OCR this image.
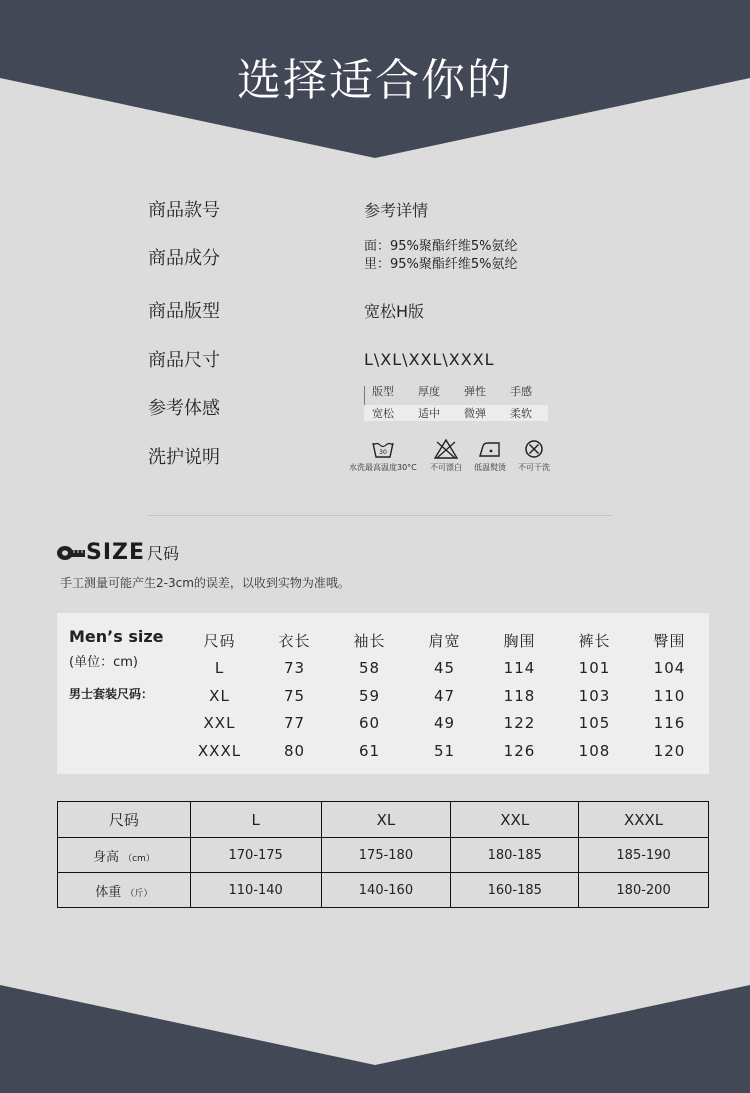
选择适合你的
商品款号	参考详情
商品成分
面：95%聚酯纤维5%氨纶
里：95%聚酯纤维5%氨纶
商品版型	宽松H版
商品尺寸	L\XL\XXL\XXXL
参考体感
版型	厚度	弹性	手感
宽松	适中	微弹	柔软
洗护说明	30
水洗最高温度30°C 不可漂白 低温熨烫 不可干洗
SIZE 尺码
手工测量可能产生2-3cm的误差，以收到实物为准哦。
Men’s size
(单位：cm)
男士套装尺码：
尺码	衣长	袖长	肩宽	胸围	裤长	臀围
L	73	58	45	114	101	104
XL	75	59	47	118	103	110
XXL	77	60	49	122	105	116
XXXL	80	61	51	126	108	120
尺码	L	XL	XXL	XXXL
身高 （cm）	170-175	175-180	180-185	185-190
体重 （斤）	110-140	140-160	160-185	180-200
